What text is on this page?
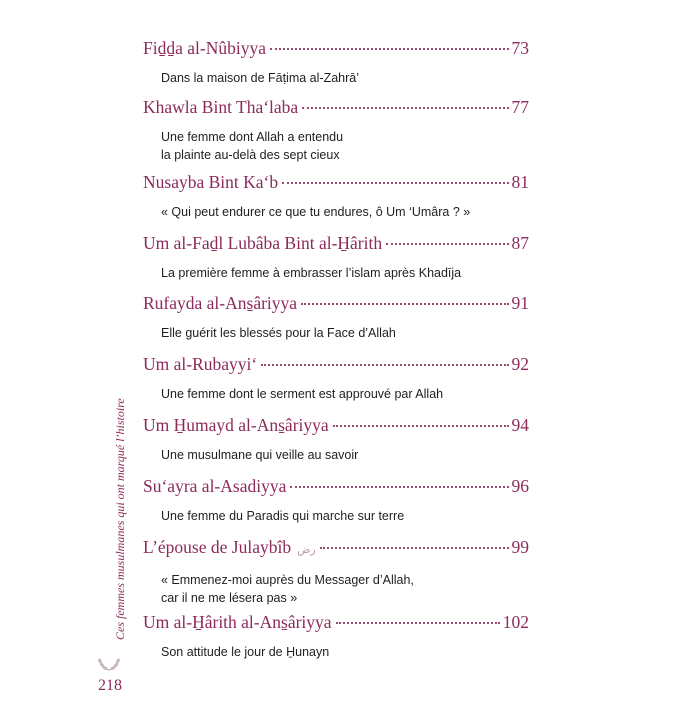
Fiḏḏa al-Nûbiyya	73
Dans la maison de Fāṭima al-Zahrā’
Khawla Bint Tha‘laba	77
Une femme dont Allah a entendu
la plainte au-delà des sept cieux
Nusayba Bint Ka‘b	81
« Qui peut endurer ce que tu endures, ô Um ‘Umâra ? »
Um al-Faḏl Lubâba Bint al-H̱ârith	87
La première femme à embrasser l’islam après Khadīja
Rufayda al-Ans̱âriyya	91
Elle guérit les blessés pour la Face d’Allah
Um al-Rubayyi‘	92
Une femme dont le serment est approuvé par Allah
Um H̱umayd al-Ans̱âriyya	94
Une musulmane qui veille au savoir
Su‘ayra al-Asadiyya	96
Une femme du Paradis qui marche sur terre
L’épouse de Julaybîb رض	99
« Emmenez-moi auprès du Messager d’Allah,
car il ne me lésera pas »
Um al-H̱ârith al-Ans̱âriyya	102
Son attitude le jour de H̱unayn
Ces femmes musulmanes qui ont marqué l’histoire
218
